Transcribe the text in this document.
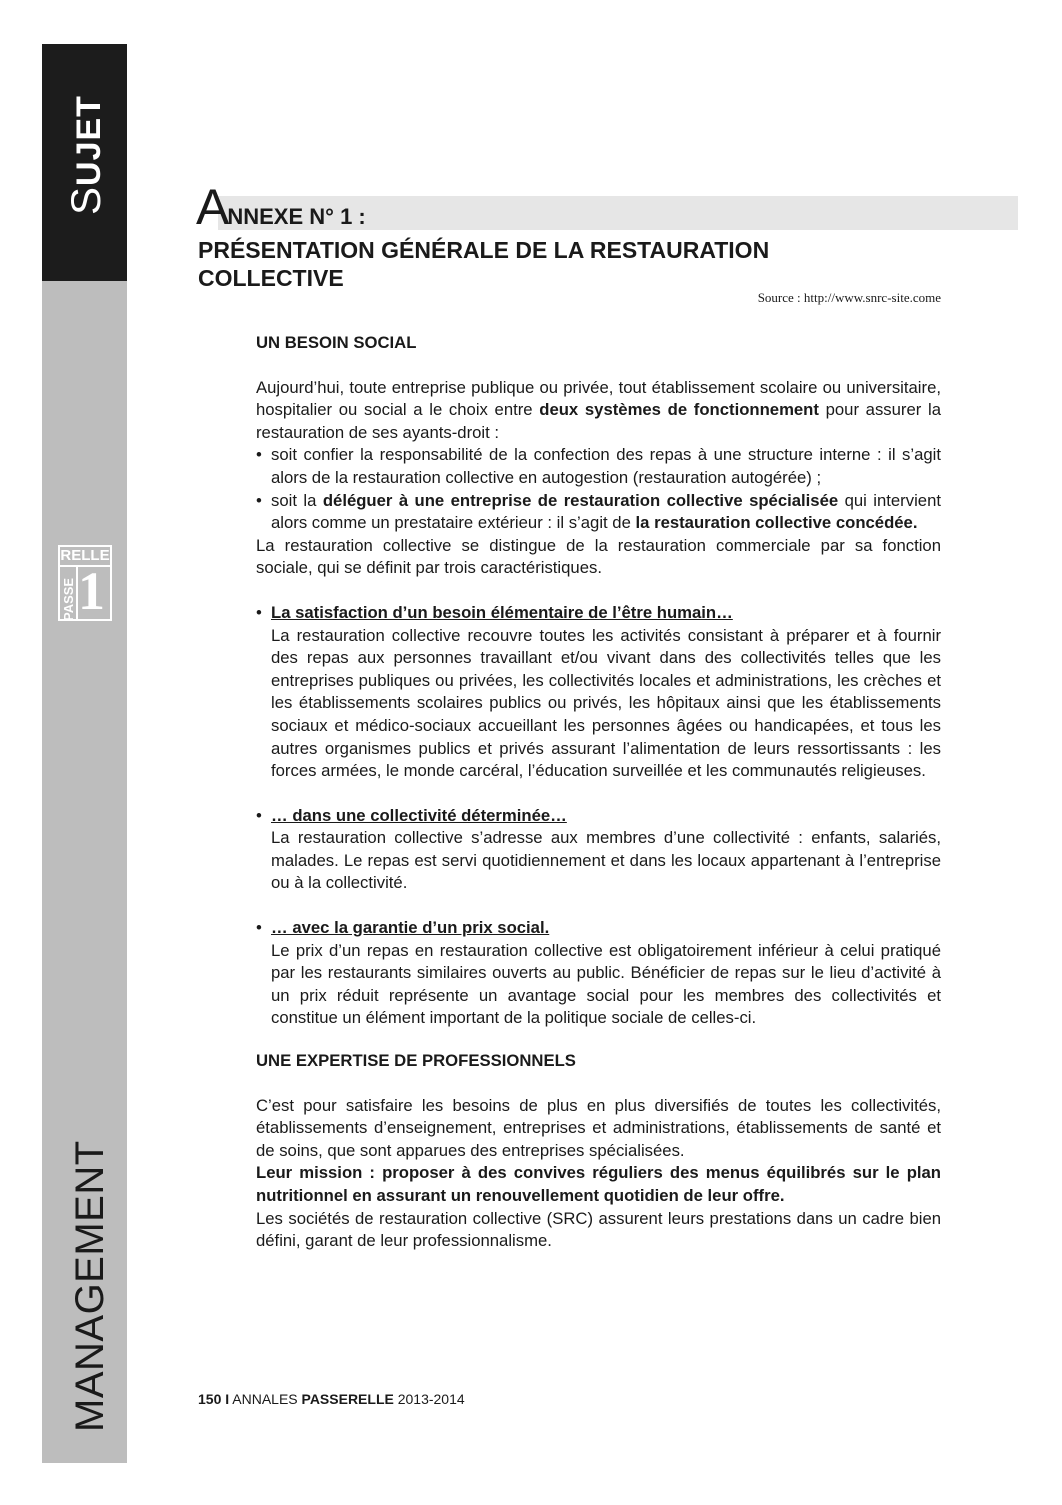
SUJET
RELLE
PASSE 1
MANAGEMENT
ANNEXE N° 1 :
PRÉSENTATION GÉNÉRALE DE LA RESTAURATION COLLECTIVE
Source : http://www.snrc-site.come

UN BESOIN SOCIAL

Aujourd’hui, toute entreprise publique ou privée, tout établissement scolaire ou universitaire, hospitalier ou social a le choix entre deux systèmes de fonctionnement pour assurer la restauration de ses ayants-droit :

• soit confier la responsabilité de la confection des repas à une structure interne : il s’agit alors de la restauration collective en autogestion (restauration autogérée) ;
• soit la déléguer à une entreprise de restauration collective spécialisée qui intervient alors comme un prestataire extérieur : il s’agit de la restauration collective concédée.

La restauration collective se distingue de la restauration commerciale par sa fonction sociale, qui se définit par trois caractéristiques.

• La satisfaction d’un besoin élémentaire de l’être humain…
La restauration collective recouvre toutes les activités consistant à préparer et à fournir des repas aux personnes travaillant et/ou vivant dans des collectivités telles que les entreprises publiques ou privées, les collectivités locales et administrations, les crèches et les établissements scolaires publics ou privés, les hôpitaux ainsi que les établissements sociaux et médico-sociaux accueillant les personnes âgées ou handicapées, et tous les autres organismes publics et privés assurant l’alimentation de leurs ressortissants : les forces armées, le monde carcéral, l’éducation surveillée et les communautés religieuses.
• … dans une collectivité déterminée…
La restauration collective s’adresse aux membres d’une collectivité : enfants, salariés, malades. Le repas est servi quotidiennement et dans les locaux appartenant à l’entreprise ou à la collectivité.
• … avec la garantie d’un prix social.
Le prix d’un repas en restauration collective est obligatoirement inférieur à celui pratiqué par les restaurants similaires ouverts au public. Bénéficier de repas sur le lieu d’activité à un prix réduit représente un avantage social pour les membres des collectivités et constitue un élément important de la politique sociale de celles-ci.

UNE EXPERTISE DE PROFESSIONNELS

C’est pour satisfaire les besoins de plus en plus diversifiés de toutes les collectivités, établissements d’enseignement, entreprises et administrations, établissements de santé et de soins, que sont apparues des entreprises spécialisées.

Leur mission : proposer à des convives réguliers des menus équilibrés sur le plan nutritionnel en assurant un renouvellement quotidien de leur offre.

Les sociétés de restauration collective (SRC) assurent leurs prestations dans un cadre bien défini, garant de leur professionnalisme.

150 I ANNALES PASSERELLE 2013-2014
